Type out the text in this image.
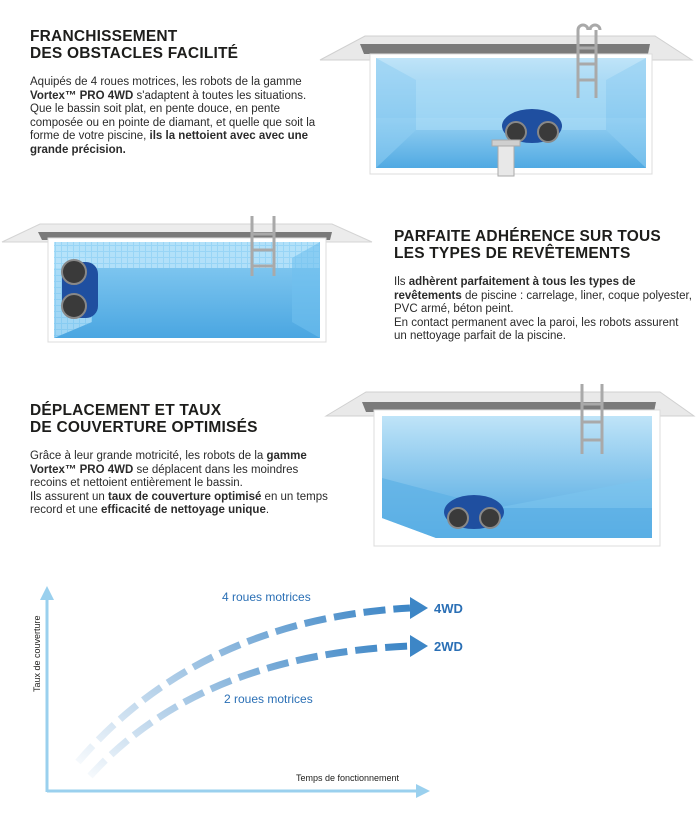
FRANCHISSEMENT
DES OBSTACLES FACILITÉ
Aquipés de 4 roues motrices, les robots de la gamme Vortex™ PRO 4WD s'adaptent à toutes les situations.
Que le bassin soit plat, en pente douce, en pente composée ou en pointe de diamant, et quelle que soit la forme de votre piscine, ils la nettoient avec avec une grande précision.
PARFAITE ADHÉRENCE SUR TOUS
LES TYPES DE REVÊTEMENTS
Ils adhèrent parfaitement à tous les types de revêtements de piscine : carrelage, liner, coque polyester, PVC armé, béton peint.
En contact permanent avec la paroi, les robots assurent un nettoyage parfait de la piscine.
DÉPLACEMENT ET TAUX
DE COUVERTURE OPTIMISÉS
Grâce à leur grande motricité, les robots de la gamme Vortex™ PRO 4WD se déplacent dans les moindres recoins et nettoient entièrement le bassin.
Ils assurent un taux de couverture optimisé en un temps record et une efficacité de nettoyage unique.
4 roues motrices
4WD
2WD
2 roues motrices
Temps de fonctionnement
Taux de couverture
